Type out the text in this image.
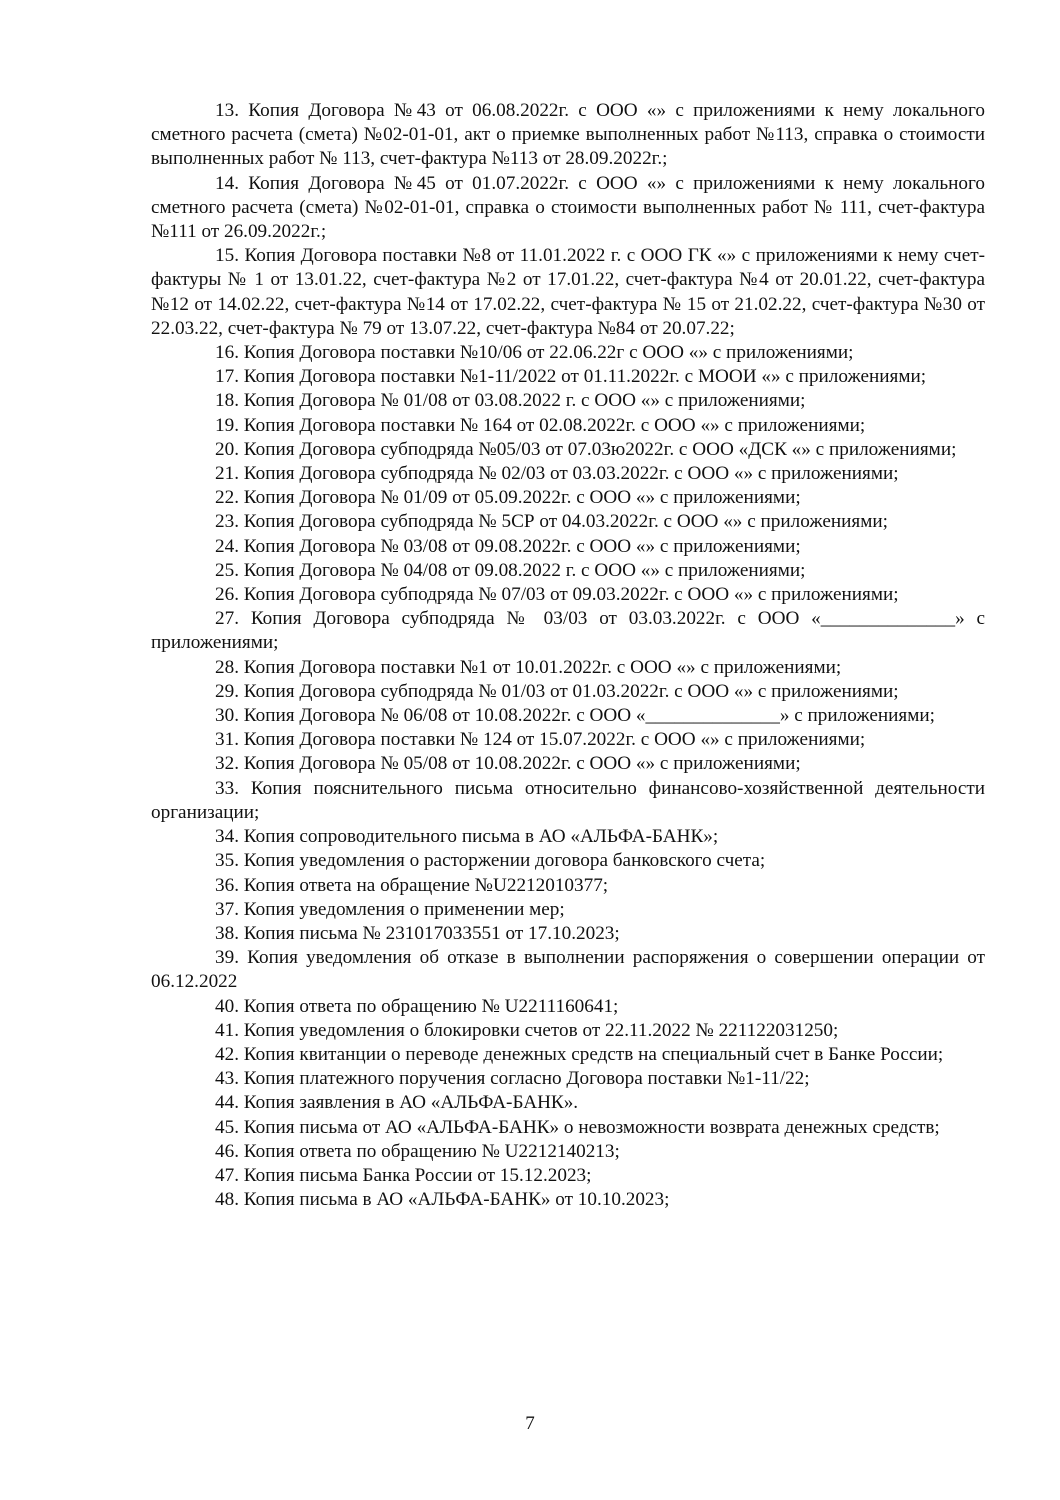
13. Копия Договора №43 от 06.08.2022г. с ООО «» с приложениями к нему локального сметного расчета (смета) №02-01-01, акт о приемке выполненных работ №113, справка о стоимости выполненных работ № 113, счет-фактура №113 от 28.09.2022г.;

14. Копия Договора №45 от 01.07.2022г. с ООО «» с приложениями к нему локального сметного расчета (смета) №02-01-01, справка о стоимости выполненных работ № 111, счет-фактура №111 от 26.09.2022г.;

15. Копия Договора поставки №8 от 11.01.2022 г. с ООО ГК «» с приложениями к нему счет-фактуры № 1 от 13.01.22, счет-фактура №2 от 17.01.22, счет-фактура №4 от 20.01.22, счет-фактура №12 от 14.02.22, счет-фактура №14 от 17.02.22, счет-фактура № 15 от 21.02.22, счет-фактура №30 от 22.03.22, счет-фактура № 79 от 13.07.22, счет-фактура №84 от 20.07.22;

16. Копия Договора поставки №10/06 от 22.06.22г с ООО «» с приложениями;

17. Копия Договора поставки №1-11/2022 от 01.11.2022г. с МООИ «» с приложениями;

18. Копия Договора № 01/08 от 03.08.2022 г. с ООО «» с приложениями;

19. Копия Договора поставки № 164 от 02.08.2022г. с ООО «» с приложениями;

20. Копия Договора субподряда №05/03 от 07.03ю2022г. с ООО «ДСК «» с приложениями;

21. Копия Договора субподряда № 02/03 от 03.03.2022г. с ООО «» с приложениями;

22. Копия Договора № 01/09 от 05.09.2022г. с ООО «» с приложениями;

23. Копия Договора субподряда № 5СР от 04.03.2022г. с ООО «» с приложениями;

24. Копия Договора № 03/08 от 09.08.2022г. с ООО «» с приложениями;

25. Копия Договора № 04/08 от 09.08.2022 г. с ООО «» с приложениями;

26. Копия Договора субподряда № 07/03 от 09.03.2022г. с ООО «» с приложениями;

27. Копия Договора субподряда № 03/03 от 03.03.2022г. с ООО «______________» с приложениями;

28. Копия Договора поставки №1 от 10.01.2022г. с ООО «» с приложениями;

29. Копия Договора субподряда № 01/03 от 01.03.2022г. с ООО «» с приложениями;

30. Копия Договора № 06/08 от 10.08.2022г. с ООО «______________» с приложениями;

31. Копия Договора поставки № 124 от 15.07.2022г. с ООО «» с приложениями;

32. Копия Договора № 05/08 от 10.08.2022г. с ООО «» с приложениями;

33. Копия пояснительного письма относительно финансово-хозяйственной деятельности организации;

34. Копия сопроводительного письма в АО «АЛЬФА-БАНК»;

35. Копия уведомления о расторжении договора банковского счета;

36. Копия ответа на обращение №U2212010377;

37. Копия уведомления о применении мер;

38. Копия письма № 231017033551 от 17.10.2023;

39. Копия уведомления об отказе в выполнении распоряжения о совершении операции от 06.12.2022

40. Копия ответа по обращению № U2211160641;

41. Копия уведомления о блокировки счетов от 22.11.2022 № 221122031250;

42. Копия квитанции о переводе денежных средств на специальный счет в Банке России;

43. Копия платежного поручения согласно Договора поставки №1-11/22;

44. Копия заявления в АО «АЛЬФА-БАНК».

45. Копия письма от АО «АЛЬФА-БАНК» о невозможности возврата денежных средств;

46. Копия ответа по обращению № U2212140213;

47. Копия письма Банка России от 15.12.2023;

48. Копия письма в АО «АЛЬФА-БАНК» от 10.10.2023;

7
